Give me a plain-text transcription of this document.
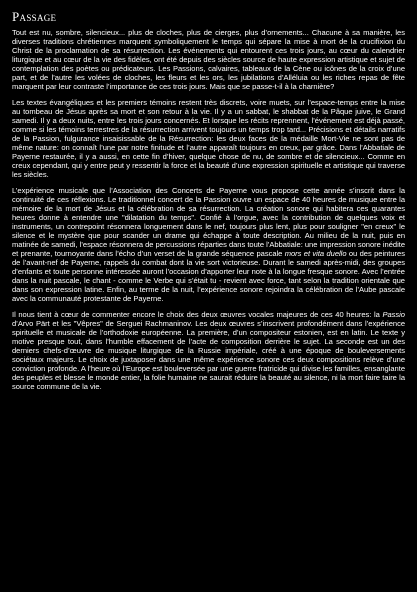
Passage

Tout est nu, sombre, silencieux... plus de cloches, plus de cierges, plus d’ornements... Chacune à sa manière, les diverses traditions chrétiennes marquent symboliquement le temps qui sépare la mise à mort de la crucifixion du Christ de la proclamation de sa résurrection. Les événements qui entourent ces trois jours, au cœur du calendrier liturgique et au cœur de la vie des fidèles, ont été depuis des siècles source de haute expression artistique et sujet de contemplation des poètes ou prédicateurs. Les Passions, calvaires, tableaux de la Cène ou icônes de la croix d’une part, et de l’autre les volées de cloches, les fleurs et les ors, les jubilations d’Alléluia ou les riches repas de fête marquent par leur contraste l’importance de ces trois jours. Mais que se passe-t-il à la charnière?

Les textes évangéliques et les premiers témoins restent très discrets, voire muets, sur l’espace-temps entre la mise au tombeau de Jésus après sa mort et son retour à la vie. Il y a un sabbat, le shabbat de la Pâque juive, le Grand samedi. Il y a deux nuits, entre les trois jours concernés. Et lorsque les récits reprennent, l’événement est déjà passé, comme si les témoins terrestres de la résurrection arrivent toujours un temps trop tard... Précisions et détails narratifs de la Passion, fulgurance insaisissable de la Résurrection: les deux faces de la médaille Mort-Vie ne sont pas de même nature: on connaît l’une par notre finitude et l’autre apparaît toujours en creux, par grâce. Dans l’Abbatiale de Payerne restaurée, il y a aussi, en cette fin d’hiver, quelque chose de nu, de sombre et de silencieux... Comme en creux cependant, qui y entre peut y ressentir la force et la beauté d’une expression spirituelle et artistique qui traverse les siècles.

L’expérience musicale que l’Association des Concerts de Payerne vous propose cette année s’inscrit dans la continuité de ces réflexions. Le traditionnel concert de la Passion ouvre un espace de 40 heures de musique entre la mémoire de la mort de Jésus et la célébration de sa résurrection. La création sonore qui habitera ces quarantes heures donne à entendre une "dilatation du temps". Confié à l’orgue, avec la contribution de quelques voix et instruments, un contrepoint résonnera longuement dans le nef, toujours plus lent, plus pour souligner "en creux" le silence et le mystère que pour scander un drame qui échappe à toute description. Au milieu de la nuit, puis en matinée de samedi, l’espace résonnera de percussions réparties dans toute l’Abbatiale: une impression sonore inédite et prenante, tournoyante dans l’écho d’un verset de la grande séquence pascale mors et vita duello ou des peintures de l’avant-nef de Payerne, rappels du combat dont la vie sort victorieuse. Durant le samedi après-midi, des groupes d’enfants et toute personne intéressée auront l’occasion d’apporter leur note à la longue fresque sonore. Avec l’entrée dans la nuit pascale, le chant - comme le Verbe qui s’était tu - revient avec force, tant selon la tradition orientale que dans son expression latine. Enfin, au terme de la nuit, l’expérience sonore rejoindra la célébration de l’Aube pascale avec la communauté protestante de Payerne.

Il nous tient à cœur de commenter encore le choix des deux œuvres vocales majeures de ces 40 heures: la Passio d’Arvo Pärt et les "Vêpres" de Serguei Rachmaninov. Les deux œuvres s’inscrivent profondément dans l’expérience spirituelle et musicale de l’orthodoxie européenne. La première, d’un compositeur estonien, est en latin. Le texte y motive presque tout, dans l’humble effacement de l’acte de composition derrière le sujet. La seconde est un des derniers chefs-d’œuvre de musique liturgique de la Russie impériale, créé à une époque de bouleversements sociétaux majeurs. Le choix de juxtaposer dans une même expérience sonore ces deux compositions relève d’une conviction profonde. A l’heure où l’Europe est bouleversée par une guerre fratricide qui divise les familles, ensanglante des peuples et blesse le monde entier, la folie humaine ne saurait réduire la beauté au silence, ni la mort faire taire la source commune de la vie.
